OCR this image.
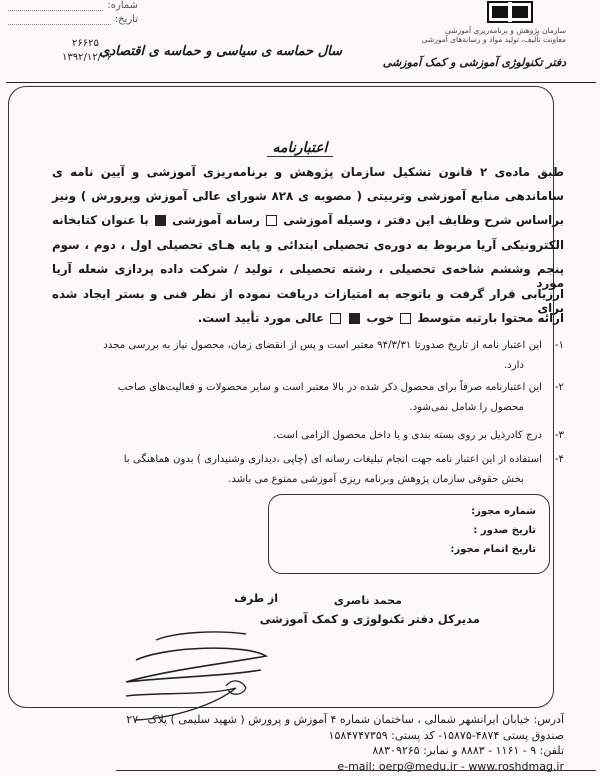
سازمان پژوهش و برنامه‌ریزی آموزشی
معاونت تألیف، تولید مواد و رسانه‌های آموزشی
دفتر تکنولوژی آموزشی و کمک آموزشی
سال حماسه ی سیاسی و حماسه ی اقتصادی
شماره:
تاریخ:
۲۶۶۲۵
۱۳۹۲/۱۲/۰۶
اعتبارنامه
طبق ماده‌ی ۲ قانون تشکیل سازمان پژوهش و برنامه‌ریزی آموزشی و آیین نامه ی
ساماندهی منابع آموزشی وتربیتی ( مصوبه ی ۸۲۸ شورای عالی آموزش وپرورش ) ونیز
براساس شرح وظایف این دفتر ، وسیله آموزشی  رسانه آموزشی  با عنوان کتابخانه
الکترونیکی آریا مربوط به دوره‌ی تحصیلی ابتدائی و پایه هـای تحصیلی اول ، دوم ، سوم
پنجم وششم شاخه‌ی تحصیلی ، رشته تحصیلی ، تولید / شرکت داده پردازی شعله آریا مورد
ارزیابی قرار گرفت و باتوجه به امتیازات دریافت نموده از نظر فنی و بستر ایجاد شده برای
ارائه محتوا بارتبه متوسط  خوب   عالی مورد تأیید است.
۱-این اعتبار نامه از تاریخ صدورتا ۹۴/۳/۳۱ معتبر است و پس از انقضای زمان، محصول نیاز به بررسی مجدد
دارد.
۲-این اعتبارنامه صرفاً برای محصول ذکر شده در بالا معتبر است و سایر محصولات و فعالیت‌های صاحب
محصول را شامل نمی‌شود.
۳-درج کادرذیل بر روی بسته بندی و یا داخل محصول الزامی است.
۴-استفاده از این اعتبار نامه جهت انجام تبلیغات رسانه ای (چاپی ،دیداری وشنیداری ) بدون هماهنگی با
بخش حقوقی سازمان پژوهش وبرنامه ریزی آموزشی ممنوع می باشد.
شماره مجوز:
تاریخ صدور :
تاریخ اتمام مجوز:
از طرف	محمد ناصری
مدیرکل دفتر تکنولوژی و کمک آموزشی
آدرس: خیابان ایرانشهر شمالی ، ساختمان شماره ۴ آموزش و پرورش ( شهید سلیمی ) پلاک ۲۷۰
صندوق پستی ۴۸۷۴-۱۵۸۷۵- کد پستی: ۱۵۸۴۷۴۷۳۵۹
تلفن: ۹ - ۱۱۶۱ - ۸۸۸۳ و نمابر: ۸۸۳۰۹۲۶۵
e-mail: oerp@medu.ir - www.roshdmag.ir
